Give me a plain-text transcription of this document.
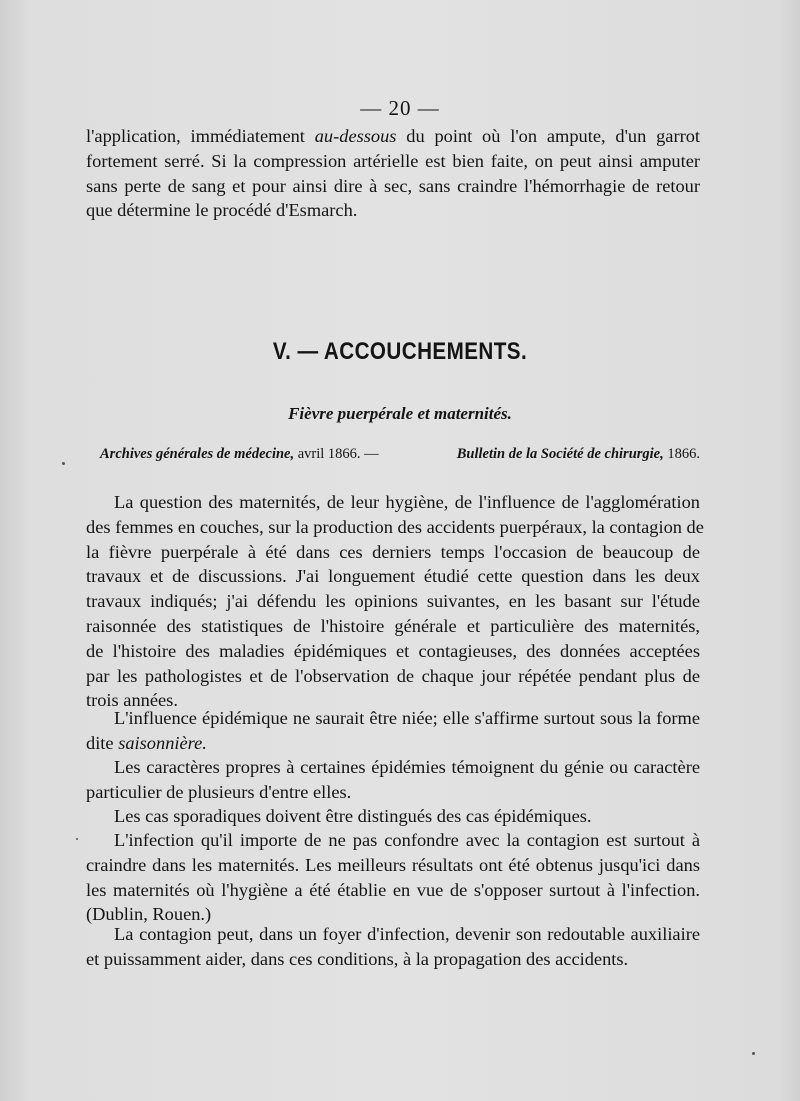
— 20 —

l'application, immédiatement au-dessous du point où l'on ampute, d'un garrot
fortement serré. Si la compression artérielle est bien faite, on peut ainsi amputer
sans perte de sang et pour ainsi dire à sec, sans craindre l'hémorrhagie de retour
que détermine le procédé d'Esmarch.

V. — ACCOUCHEMENTS.
Fièvre puerpérale et maternités.
Archives générales de médecine, avril 1866. —	Bulletin de la Société de chirurgie, 1866.

La question des maternités, de leur hygiène, de l'influence de l'agglomération
des femmes en couches, sur la production des accidents puerpéraux, la contagion de
la fièvre puerpérale à été dans ces derniers temps l'occasion de beaucoup de
travaux et de discussions. J'ai longuement étudié cette question dans les deux
travaux indiqués; j'ai défendu les opinions suivantes, en les basant sur l'étude
raisonnée des statistiques de l'histoire générale et particulière des maternités,
de l'histoire des maladies épidémiques et contagieuses, des données acceptées
par les pathologistes et de l'observation de chaque jour répétée pendant plus de
trois années.

L'influence épidémique ne saurait être niée; elle s'affirme surtout sous la forme
dite saisonnière.

Les caractères propres à certaines épidémies témoignent du génie ou caractère
particulier de plusieurs d'entre elles.

Les cas sporadiques doivent être distingués des cas épidémiques.

L'infection qu'il importe de ne pas confondre avec la contagion est surtout à
craindre dans les maternités. Les meilleurs résultats ont été obtenus jusqu'ici dans
les maternités où l'hygiène a été établie en vue de s'opposer surtout à l'infection.
(Dublin, Rouen.)

La contagion peut, dans un foyer d'infection, devenir son redoutable auxiliaire
et puissamment aider, dans ces conditions, à la propagation des accidents.
